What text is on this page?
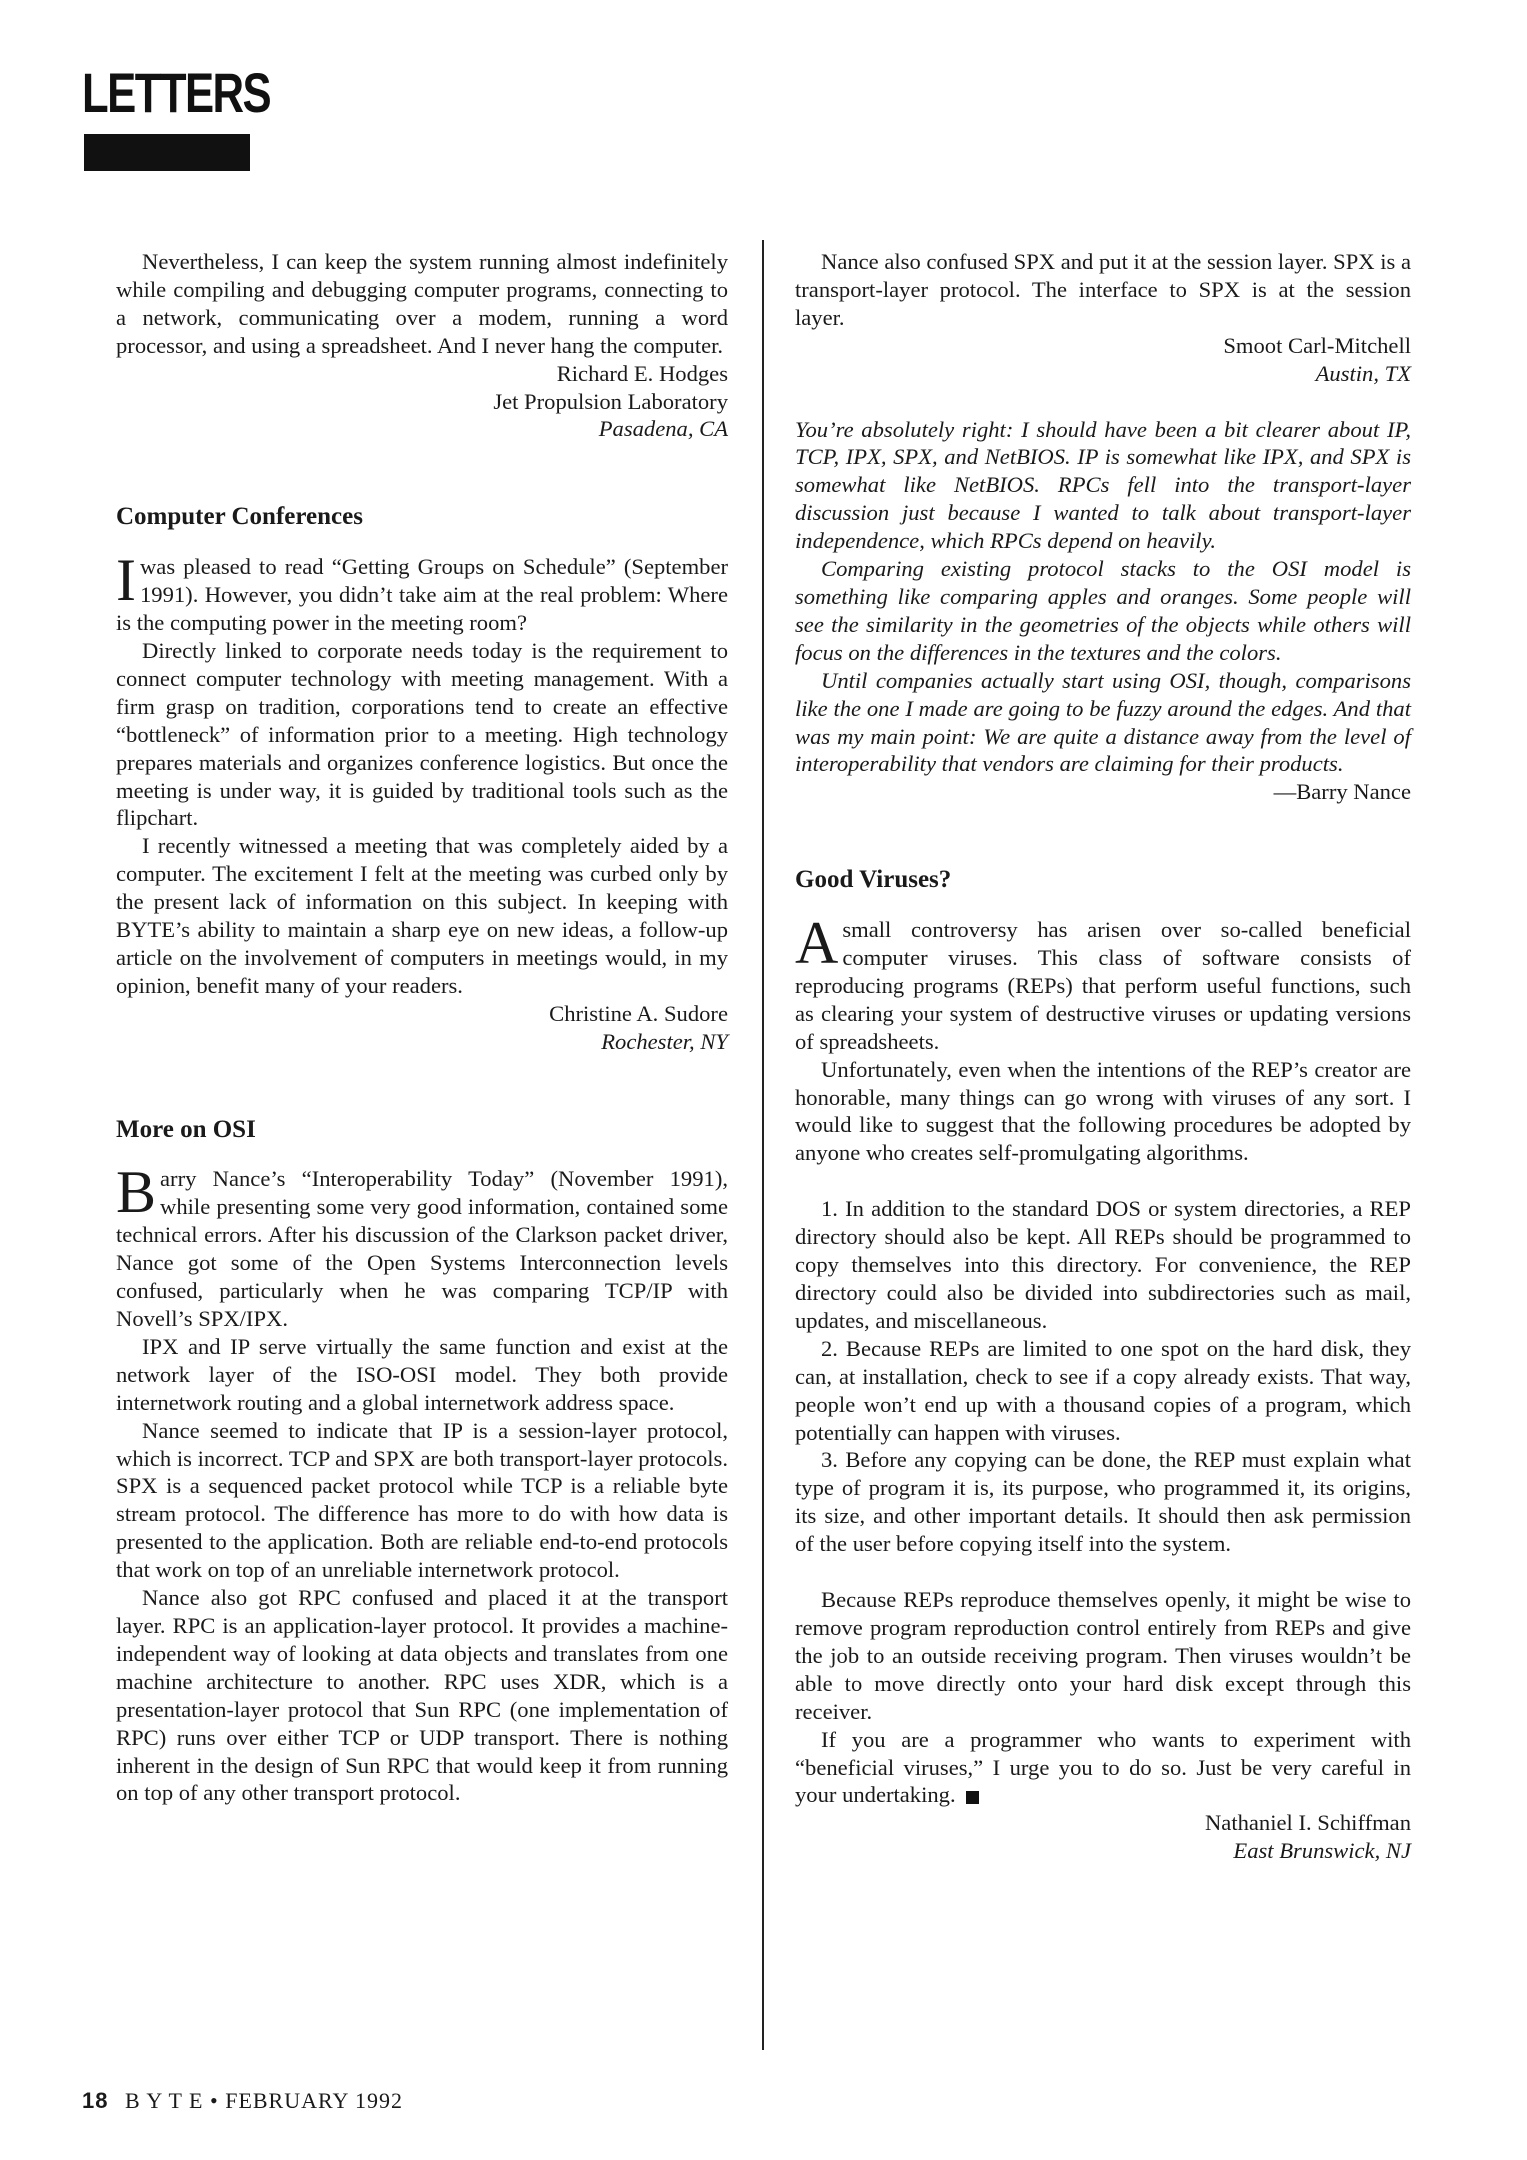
LETTERS

Nevertheless, I can keep the system running almost indefinitely while compiling and debugging computer programs, connecting to a network, communicating over a modem, running a word processor, and using a spreadsheet. And I never hang the computer.

Richard E. Hodges
Jet Propulsion Laboratory
Pasadena, CA
Computer Conferences

Iwas pleased to read “Getting Groups on Schedule” (September 1991). However, you didn’t take aim at the real problem: Where is the computing power in the meeting room?

Directly linked to corporate needs today is the requirement to connect computer technology with meeting management. With a firm grasp on tradition, corporations tend to create an effective “bottleneck” of information prior to a meeting. High technology prepares materials and organizes conference logistics. But once the meeting is under way, it is guided by traditional tools such as the flipchart.

I recently witnessed a meeting that was completely aided by a computer. The excitement I felt at the meeting was curbed only by the present lack of information on this subject. In keeping with BYTE’s ability to maintain a sharp eye on new ideas, a follow-up article on the involvement of computers in meetings would, in my opinion, benefit many of your readers.

Christine A. Sudore
Rochester, NY
More on OSI

Barry Nance’s “Interoperability Today” (November 1991), while presenting some very good information, contained some technical errors. After his discussion of the Clarkson packet driver, Nance got some of the Open Systems Interconnection levels confused, particularly when he was comparing TCP/IP with Novell’s SPX/IPX.

IPX and IP serve virtually the same function and exist at the network layer of the ISO-OSI model. They both provide internetwork routing and a global internetwork address space.

Nance seemed to indicate that IP is a session-layer protocol, which is incorrect. TCP and SPX are both transport-layer protocols. SPX is a sequenced packet protocol while TCP is a reliable byte stream protocol. The difference has more to do with how data is presented to the application. Both are reliable end-to-end protocols that work on top of an unreliable internetwork protocol.

Nance also got RPC confused and placed it at the transport layer. RPC is an application-layer protocol. It provides a machine-independent way of looking at data objects and translates from one machine architecture to another. RPC uses XDR, which is a presentation-layer protocol that Sun RPC (one implementation of RPC) runs over either TCP or UDP transport. There is nothing inherent in the design of Sun RPC that would keep it from running on top of any other transport protocol.

Nance also confused SPX and put it at the session layer. SPX is a transport-layer protocol. The interface to SPX is at the session layer.

Smoot Carl-Mitchell
Austin, TX

You’re absolutely right: I should have been a bit clearer about IP, TCP, IPX, SPX, and NetBIOS. IP is somewhat like IPX, and SPX is somewhat like NetBIOS. RPCs fell into the transport-layer discussion just because I wanted to talk about transport-layer independence, which RPCs depend on heavily.

Comparing existing protocol stacks to the OSI model is something like comparing apples and oranges. Some people will see the similarity in the geometries of the objects while others will focus on the differences in the textures and the colors.

Until companies actually start using OSI, though, comparisons like the one I made are going to be fuzzy around the edges. And that was my main point: We are quite a distance away from the level of interoperability that vendors are claiming for their products.

—Barry Nance
Good Viruses?

Asmall controversy has arisen over so-called beneficial computer viruses. This class of software consists of reproducing programs (REPs) that perform useful functions, such as clearing your system of destructive viruses or updating versions of spreadsheets.

Unfortunately, even when the intentions of the REP’s creator are honorable, many things can go wrong with viruses of any sort. I would like to suggest that the following procedures be adopted by anyone who creates self-promulgating algorithms.

1. In addition to the standard DOS or system directories, a REP directory should also be kept. All REPs should be programmed to copy themselves into this directory. For convenience, the REP directory could also be divided into subdirectories such as mail, updates, and miscellaneous.

2. Because REPs are limited to one spot on the hard disk, they can, at installation, check to see if a copy already exists. That way, people won’t end up with a thousand copies of a program, which potentially can happen with viruses.

3. Before any copying can be done, the REP must explain what type of program it is, its purpose, who programmed it, its origins, its size, and other important details. It should then ask permission of the user before copying itself into the system.

Because REPs reproduce themselves openly, it might be wise to remove program reproduction control entirely from REPs and give the job to an outside receiving program. Then viruses wouldn’t be able to move directly onto your hard disk except through this receiver.

If you are a programmer who wants to experiment with “beneficial viruses,” I urge you to do so. Just be very careful in your undertaking.

Nathaniel I. Schiffman
East Brunswick, NJ
18 B Y T E • FEBRUARY 1992
